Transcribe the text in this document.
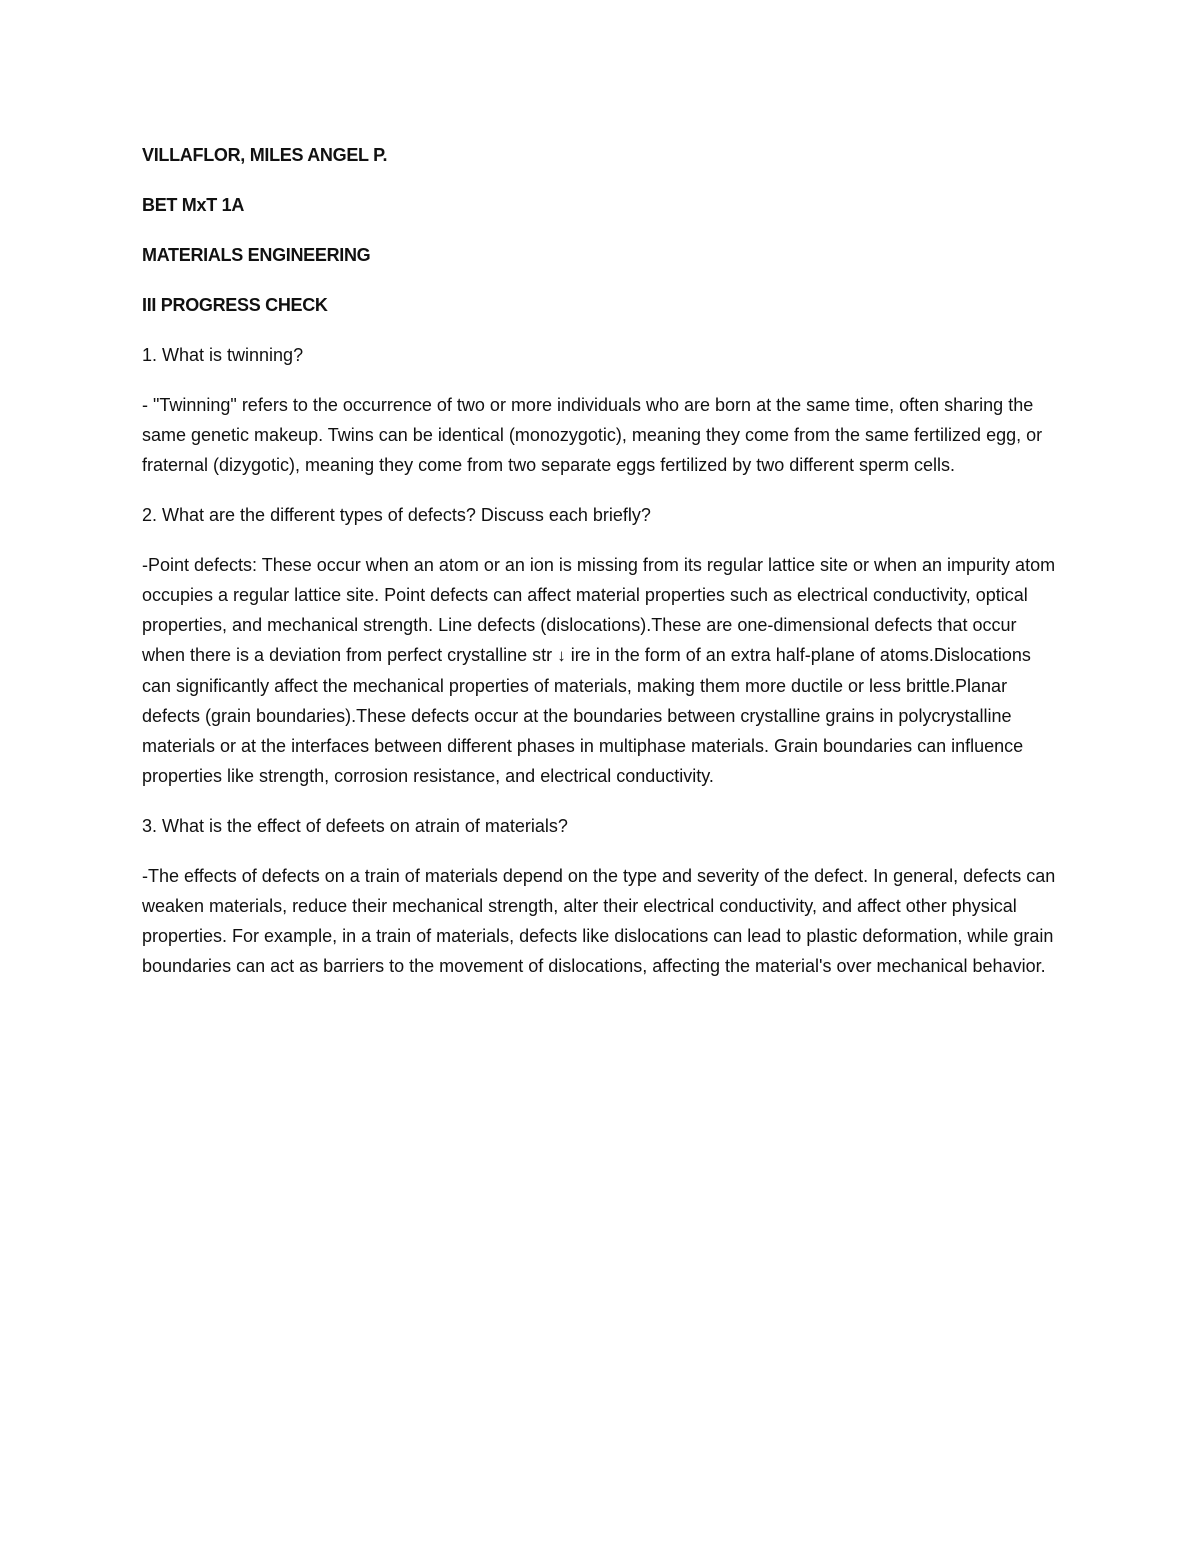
VILLAFLOR, MILES ANGEL P.

BET MxT 1A

MATERIALS ENGINEERING

III PROGRESS CHECK

1. What is twinning?

- "Twinning" refers to the occurrence of two or more individuals who are born at the same time, often sharing the same genetic makeup. Twins can be identical (monozygotic), meaning they come from the same fertilized egg, or fraternal (dizygotic), meaning they come from two separate eggs fertilized by two different sperm cells.

2. What are the different types of defects? Discuss each briefly?

-Point defects: These occur when an atom or an ion is missing from its regular lattice site or when an impurity atom occupies a regular lattice site. Point defects can affect material properties such as electrical conductivity, optical properties, and mechanical strength. Line defects (dislocations).These are one-dimensional defects that occur when there is a deviation from perfect crystalline str ↓ ire in the form of an extra half-plane of atoms.Dislocations can significantly affect the mechanical properties of materials, making them more ductile or less brittle.Planar defects (grain boundaries).These defects occur at the boundaries between crystalline grains in polycrystalline materials or at the interfaces between different phases in multiphase materials. Grain boundaries can influence properties like strength, corrosion resistance, and electrical conductivity.

3. What is the effect of defeets on atrain of materials?

-The effects of defects on a train of materials depend on the type and severity of the defect. In general, defects can weaken materials, reduce their mechanical strength, alter their electrical conductivity, and affect other physical properties. For example, in a train of materials, defects like dislocations can lead to plastic deformation, while grain boundaries can act as barriers to the movement of dislocations, affecting the material's over mechanical behavior.
